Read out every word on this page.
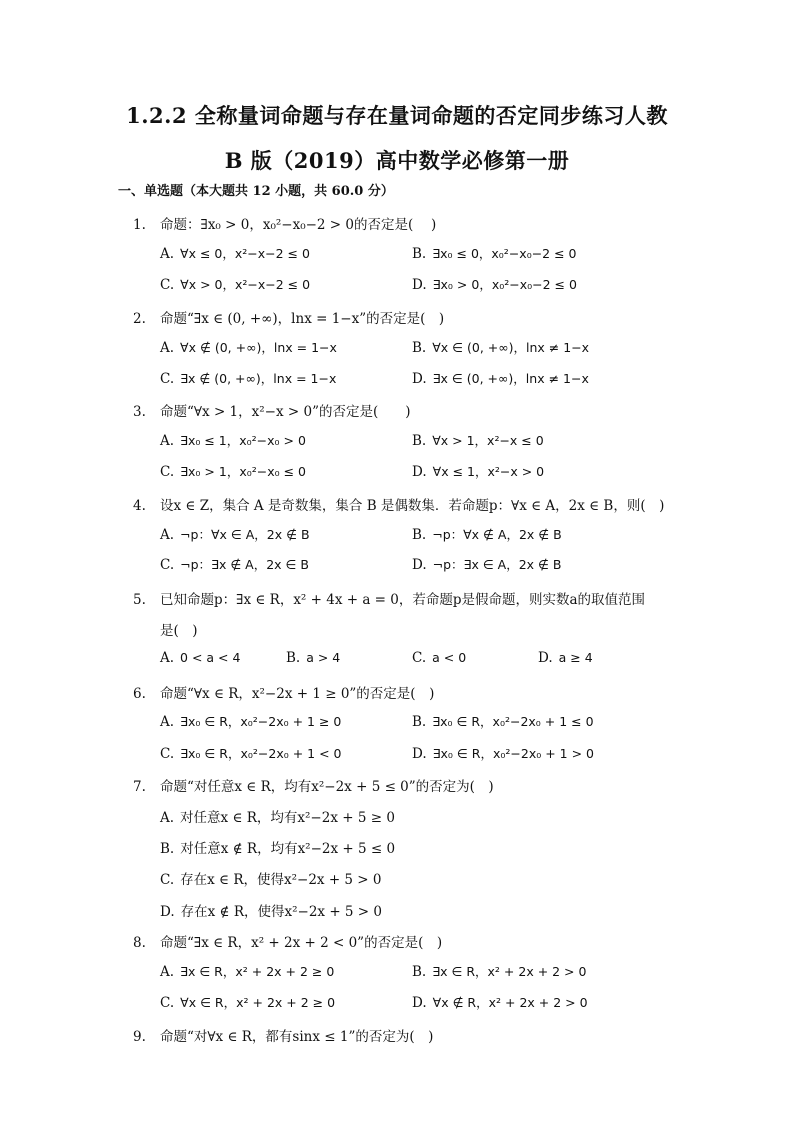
1.2.2 全称量词命题与存在量词命题的否定同步练习人教
B 版（2019）高中数学必修第一册
一、单选题（本大题共 12 小题，共 60.0 分）
1. 命题：∃x₀ > 0，x₀²−x₀−2 > 0的否定是(　 )
A. ∀x ≤ 0，x²−x−2 ≤ 0	B. ∃x₀ ≤ 0，x₀²−x₀−2 ≤ 0
C. ∀x > 0，x²−x−2 ≤ 0	D. ∃x₀ > 0，x₀²−x₀−2 ≤ 0
2. 命题“∃x ∈ (0, +∞)，lnx = 1−x”的否定是(　)
A. ∀x ∉ (0, +∞)，lnx = 1−x	B. ∀x ∈ (0, +∞)，lnx ≠ 1−x
C. ∃x ∉ (0, +∞)，lnx = 1−x	D. ∃x ∈ (0, +∞)，lnx ≠ 1−x
3. 命题“∀x > 1，x²−x > 0”的否定是(　　)
A. ∃x₀ ≤ 1，x₀²−x₀ > 0	B. ∀x > 1，x²−x ≤ 0
C. ∃x₀ > 1，x₀²−x₀ ≤ 0	D. ∀x ≤ 1，x²−x > 0
4. 设x ∈ Z，集合 A 是奇数集，集合 B 是偶数集．若命题p：∀x ∈ A，2x ∈ B，则(　)
A. ¬p：∀x ∈ A，2x ∉ B	B. ¬p：∀x ∉ A，2x ∉ B
C. ¬p：∃x ∉ A，2x ∈ B	D. ¬p：∃x ∈ A，2x ∉ B
5. 已知命题p：∃x ∈ R，x² + 4x + a = 0，若命题p是假命题，则实数a的取值范围
是(　)
A. 0 < a < 4	B. a > 4	C. a < 0	D. a ≥ 4
6. 命题“∀x ∈ R，x²−2x + 1 ≥ 0”的否定是(　)
A. ∃x₀ ∈ R，x₀²−2x₀ + 1 ≥ 0	B. ∃x₀ ∈ R，x₀²−2x₀ + 1 ≤ 0
C. ∃x₀ ∈ R，x₀²−2x₀ + 1 < 0	D. ∃x₀ ∈ R，x₀²−2x₀ + 1 > 0
7. 命题“对任意x ∈ R，均有x²−2x + 5 ≤ 0”的否定为(　)
A. 对任意x ∈ R，均有x²−2x + 5 ≥ 0
B. 对任意x ∉ R，均有x²−2x + 5 ≤ 0
C. 存在x ∈ R，使得x²−2x + 5 > 0
D. 存在x ∉ R，使得x²−2x + 5 > 0
8. 命题“∃x ∈ R，x² + 2x + 2 < 0”的否定是(　)
A. ∃x ∈ R，x² + 2x + 2 ≥ 0	B. ∃x ∈ R，x² + 2x + 2 > 0
C. ∀x ∈ R，x² + 2x + 2 ≥ 0	D. ∀x ∉ R，x² + 2x + 2 > 0
9. 命题“对∀x ∈ R，都有sinx ≤ 1”的否定为(　)
